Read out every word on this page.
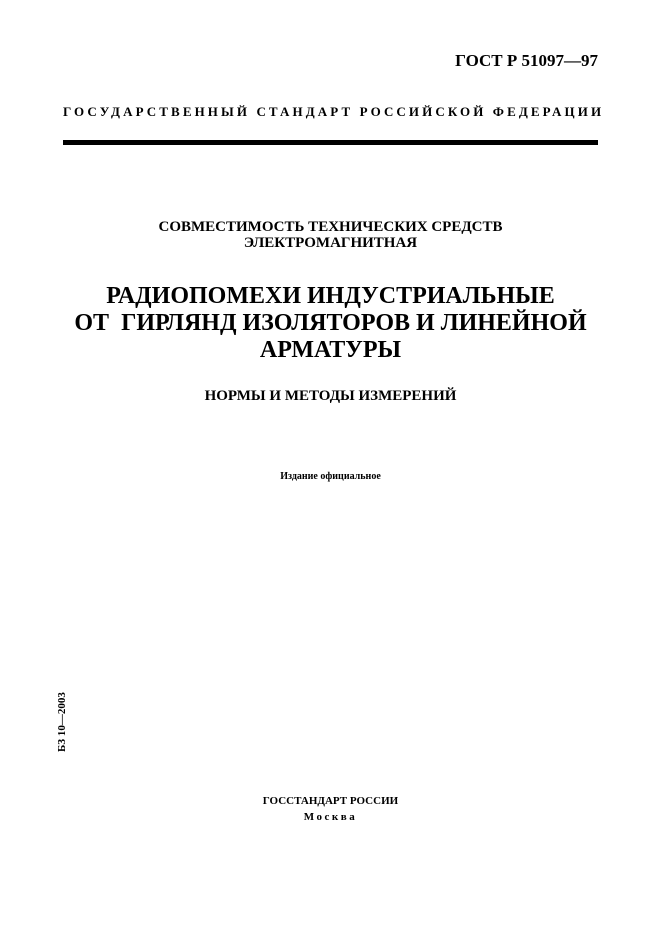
ГОСТ Р 51097—97
ГОСУДАРСТВЕННЫЙ СТАНДАРТ РОССИЙСКОЙ ФЕДЕРАЦИИ
СОВМЕСТИМОСТЬ ТЕХНИЧЕСКИХ СРЕДСТВ
ЭЛЕКТРОМАГНИТНАЯ
РАДИОПОМЕХИ ИНДУСТРИАЛЬНЫЕ
ОТ  ГИРЛЯНД ИЗОЛЯТОРОВ И ЛИНЕЙНОЙ
АРМАТУРЫ
НОРМЫ И МЕТОДЫ ИЗМЕРЕНИЙ
Издание официальное
БЗ 10—2003
ГОССТАНДАРТ РОССИИ
Москва
